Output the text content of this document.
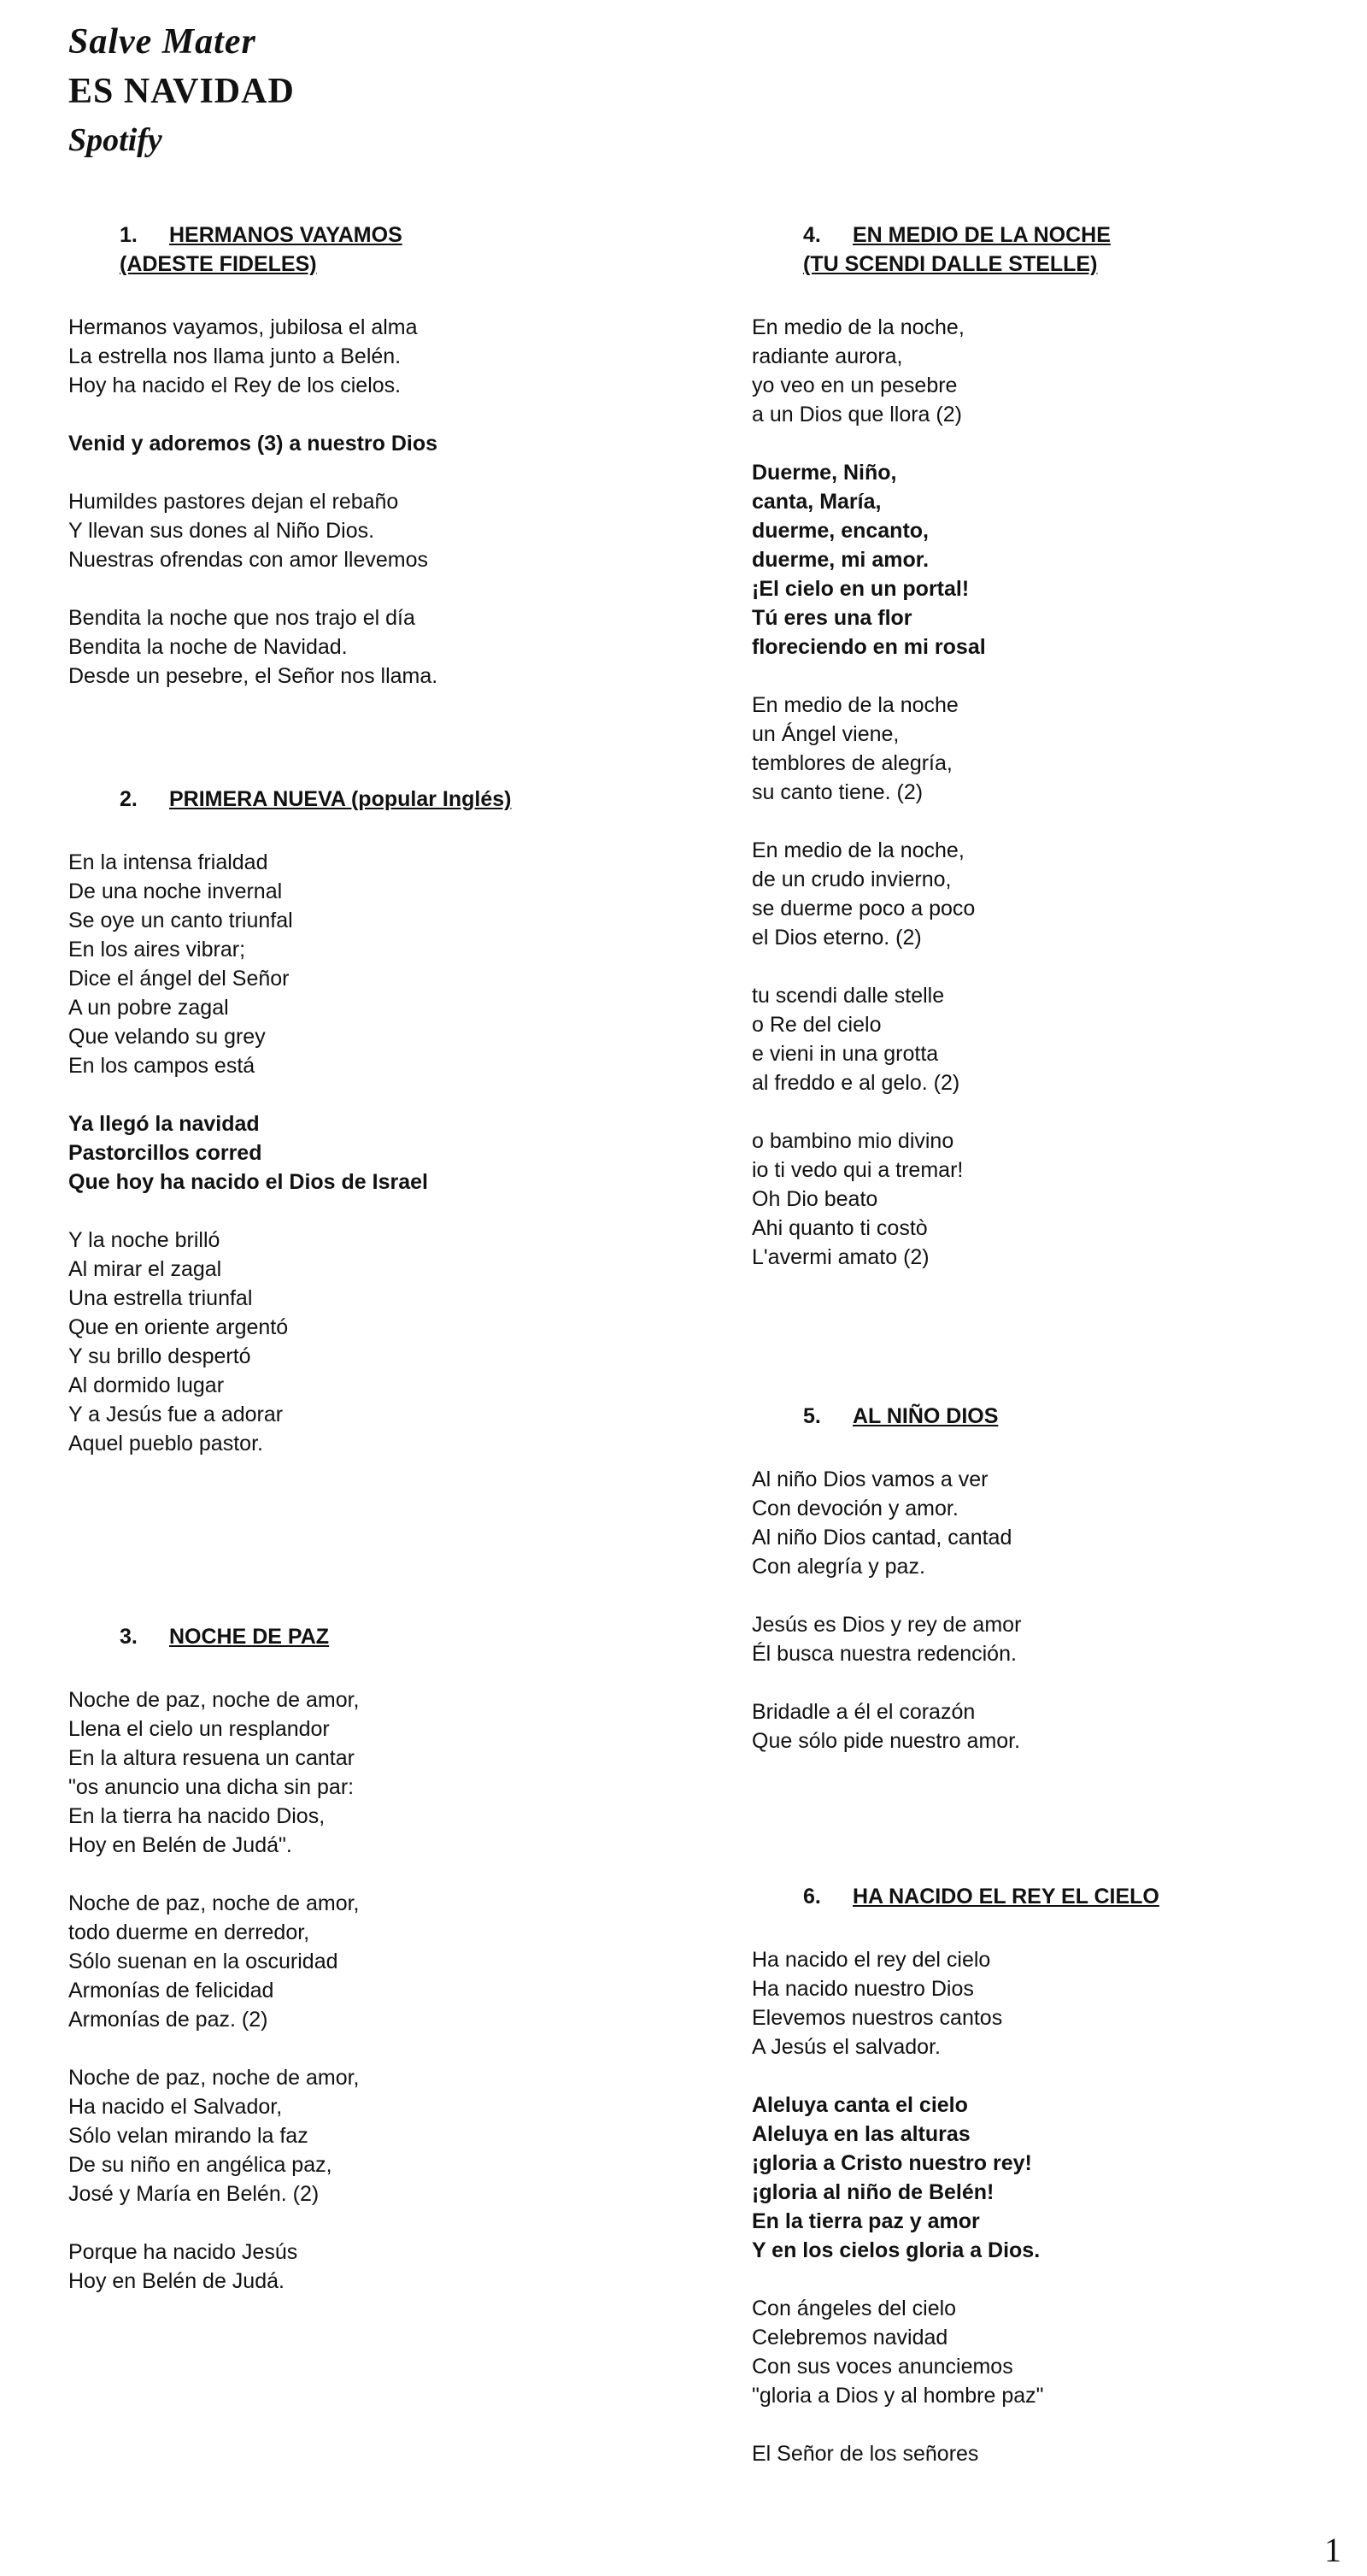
Salve Mater
ES NAVIDAD
Spotify
1. HERMANOS VAYAMOS
(ADESTE FIDELES)
Hermanos vayamos, jubilosa el alma
La estrella nos llama junto a Belén.
Hoy ha nacido el Rey de los cielos.
Venid y adoremos (3) a nuestro Dios
Humildes pastores dejan el rebaño
Y llevan sus dones al Niño Dios.
Nuestras ofrendas con amor llevemos
Bendita la noche que nos trajo el día
Bendita la noche de Navidad.
Desde un pesebre, el Señor nos llama.
2. PRIMERA NUEVA (popular Inglés)
En la intensa frialdad
De una noche invernal
Se oye un canto triunfal
En los aires vibrar;
Dice el ángel del Señor
A un pobre zagal
Que velando su grey
En los campos está
Ya llegó la navidad
Pastorcillos corred
Que hoy ha nacido el Dios de Israel
Y la noche brilló
Al mirar el zagal
Una estrella triunfal
Que en oriente argentó
Y su brillo despertó
Al dormido lugar
Y a Jesús fue a adorar
Aquel pueblo pastor.
3. NOCHE DE PAZ
Noche de paz, noche de amor,
Llena el cielo un resplandor
En la altura resuena un cantar
"os anuncio una dicha sin par:
En la tierra ha nacido Dios,
Hoy en Belén de Judá".
Noche de paz, noche de amor,
todo duerme en derredor,
Sólo suenan en la oscuridad
Armonías de felicidad
Armonías de paz. (2)
Noche de paz, noche de amor,
Ha nacido el Salvador,
Sólo velan mirando la faz
De su niño en angélica paz,
José y María en Belén. (2)
Porque ha nacido Jesús
Hoy en Belén de Judá.
4. EN MEDIO DE LA NOCHE
(TU SCENDI DALLE STELLE)
En medio de la noche,
radiante aurora,
yo veo en un pesebre
a un Dios que llora (2)
Duerme, Niño,
canta, María,
duerme, encanto,
duerme, mi amor.
¡El cielo en un portal!
Tú eres una flor
floreciendo en mi rosal
En medio de la noche
un Ángel viene,
temblores de alegría,
su canto tiene. (2)
En medio de la noche,
de un crudo invierno,
se duerme poco a poco
el Dios eterno. (2)
tu scendi dalle stelle
o Re del cielo
e vieni in una grotta
al freddo e al gelo. (2)
o bambino mio divino
io ti vedo qui a tremar!
Oh Dio beato
Ahi quanto ti costò
L'avermi amato (2)
5. AL NIÑO DIOS
Al niño Dios vamos a ver
Con devoción y amor.
Al niño Dios cantad, cantad
Con alegría y paz.
Jesús es Dios y rey de amor
Él busca nuestra redención.
Bridadle a él el corazón
Que sólo pide nuestro amor.
6. HA NACIDO EL REY EL CIELO
Ha nacido el rey del cielo
Ha nacido nuestro Dios
Elevemos nuestros cantos
A Jesús el salvador.
Aleluya canta el cielo
Aleluya en las alturas
¡gloria a Cristo nuestro rey!
¡gloria al niño de Belén!
En la tierra paz y amor
Y en los cielos gloria a Dios.
Con ángeles del cielo
Celebremos navidad
Con sus voces anunciemos
"gloria a Dios y al hombre paz"
El Señor de los señores
1
